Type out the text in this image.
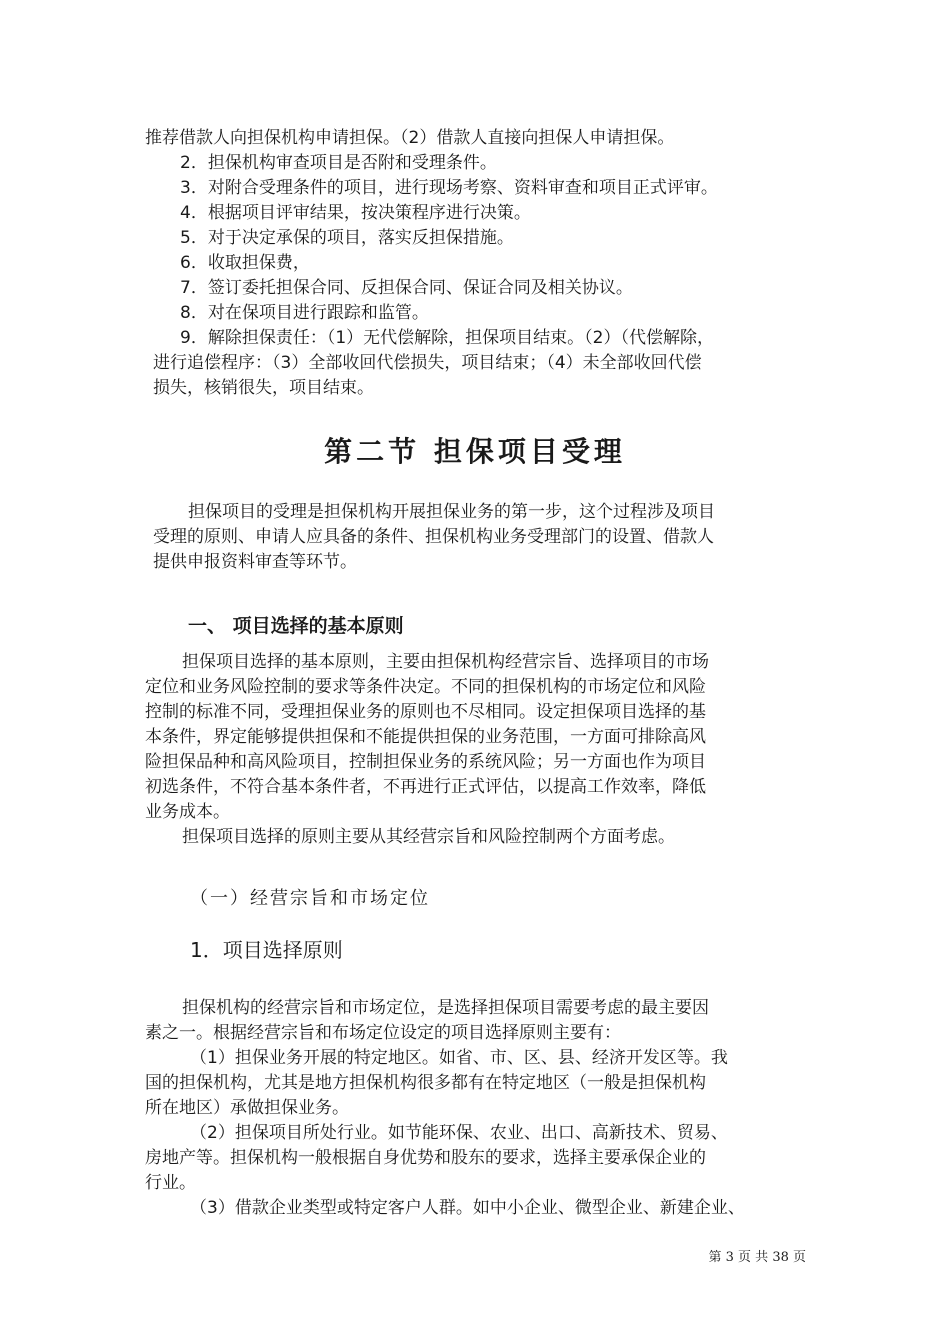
推荐借款人向担保机构申请担保。（2）借款人直接向担保人申请担保。
2．担保机构审查项目是否附和受理条件。
3．对附合受理条件的项目，进行现场考察、资料审查和项目正式评审。
4．根据项目评审结果，按决策程序进行决策。
5．对于决定承保的项目，落实反担保措施。
6．收取担保费，
7．签订委托担保合同、反担保合同、保证合同及相关协议。
8．对在保项目进行跟踪和监管。
9．解除担保责任：（1）无代偿解除，担保项目结束。（2）（代偿解除，
进行追偿程序：（3）全部收回代偿损失，项目结束；（4）未全部收回代偿
损失，核销很失，项目结束。
第二节 担保项目受理
担保项目的受理是担保机构开展担保业务的第一步，这个过程涉及项目
受理的原则、申请人应具备的条件、担保机构业务受理部门的设置、借款人
提供申报资料审查等环节。
一、 项目选择的基本原则
担保项目选择的基本原则，主要由担保机构经营宗旨、选择项目的市场
定位和业务风险控制的要求等条件决定。不同的担保机构的市场定位和风险
控制的标准不同，受理担保业务的原则也不尽相同。设定担保项目选择的基
本条件，界定能够提供担保和不能提供担保的业务范围，一方面可排除高风
险担保品种和高风险项目，控制担保业务的系统风险；另一方面也作为项目
初选条件，不符合基本条件者，不再进行正式评估，以提高工作效率，降低
业务成本。
担保项目选择的原则主要从其经营宗旨和风险控制两个方面考虑。
（一）经营宗旨和市场定位
1．项目选择原则
担保机构的经营宗旨和市场定位，是选择担保项目需要考虑的最主要因
素之一。根据经营宗旨和布场定位设定的项目选择原则主要有：
（1）担保业务开展的特定地区。如省、市、区、县、经济开发区等。我
国的担保机构，尤其是地方担保机构很多都有在特定地区（一般是担保机构
所在地区）承做担保业务。
（2）担保项目所处行业。如节能环保、农业、出口、高新技术、贸易、
房地产等。担保机构一般根据自身优势和股东的要求，选择主要承保企业的
行业。
（3）借款企业类型或特定客户人群。如中小企业、微型企业、新建企业、
第 3 页 共 38 页
